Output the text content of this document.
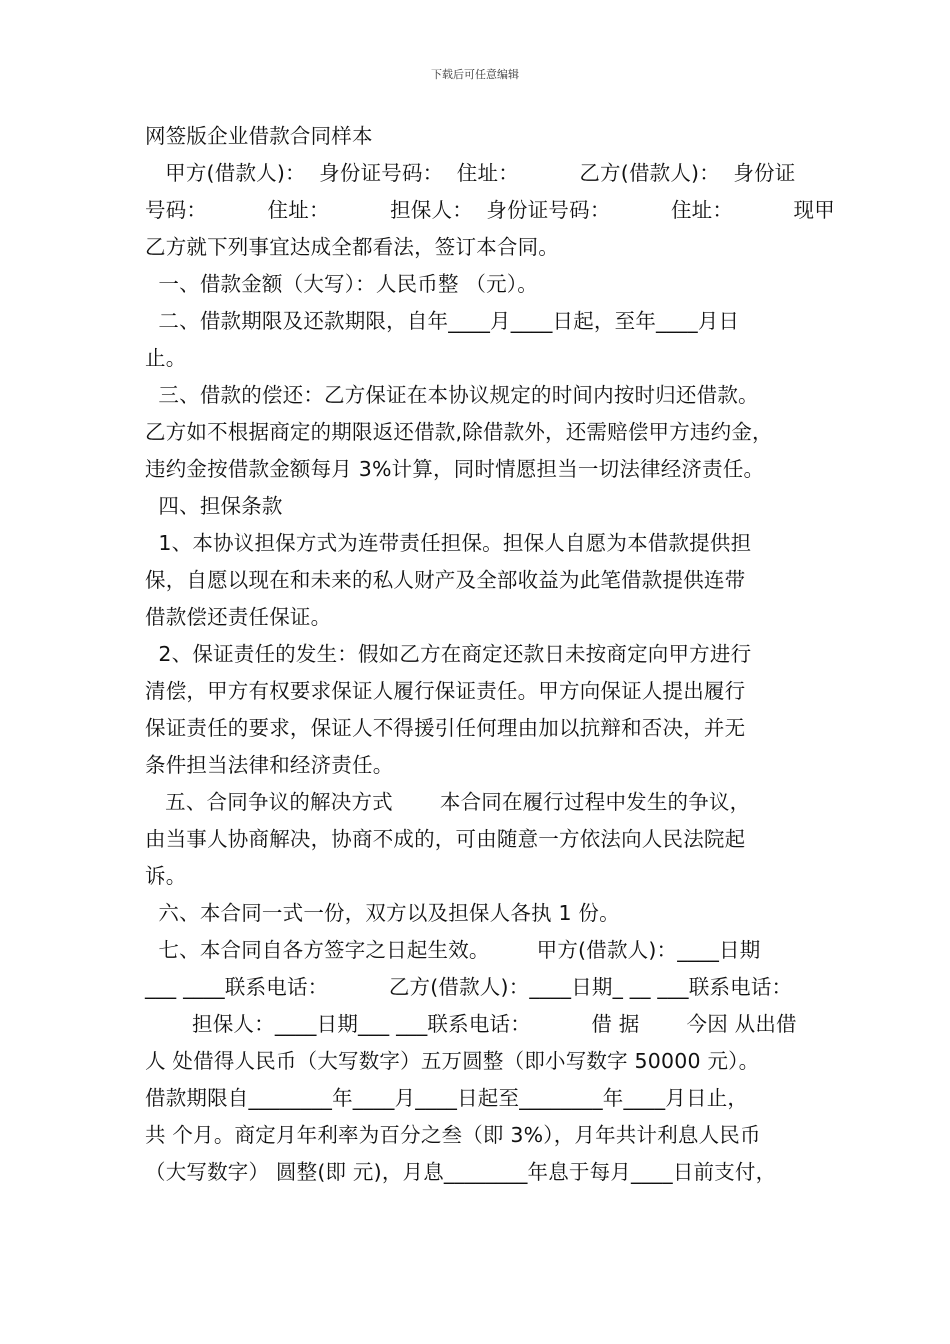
下载后可任意编辑
网签版企业借款合同样本
甲方(借款人)：  身份证号码：  住址：         乙方(借款人)：  身份证
号码：         住址：         担保人：  身份证号码：         住址：         现甲
乙方就下列事宜达成全都看法，签订本合同。
一、借款金额（大写）：人民币整 （元）。
二、借款期限及还款期限，自年____月____日起，至年____月日
止。
三、借款的偿还：乙方保证在本协议规定的时间内按时归还借款。
乙方如不根据商定的期限返还借款,除借款外，还需赔偿甲方违约金，
违约金按借款金额每月 3%计算，同时情愿担当一切法律经济责任。
四、担保条款
1、本协议担保方式为连带责任担保。担保人自愿为本借款提供担
保，自愿以现在和未来的私人财产及全部收益为此笔借款提供连带
借款偿还责任保证。
2、保证责任的发生：假如乙方在商定还款日未按商定向甲方进行
清偿，甲方有权要求保证人履行保证责任。甲方向保证人提出履行
保证责任的要求，保证人不得援引任何理由加以抗辩和否决，并无
条件担当法律和经济责任。
五、合同争议的解决方式       本合同在履行过程中发生的争议，
由当事人协商解决，协商不成的，可由随意一方依法向人民法院起
诉。
六、本合同一式一份，双方以及担保人各执 1 份。
七、本合同自各方签字之日起生效。       甲方(借款人)：____日期
___ ____联系电话：         乙方(借款人)：____日期_ __ ___联系电话：
担保人：____日期___ ___联系电话：         借 据       今因 从出借
人 处借得人民币（大写数字）五万圆整（即小写数字 50000 元）。
借款期限自________年____月____日起至________年____月日止，
共 个月。商定月年利率为百分之叁（即 3%），月年共计利息人民币
（大写数字） 圆整(即 元)，月息________年息于每月____日前支付，
